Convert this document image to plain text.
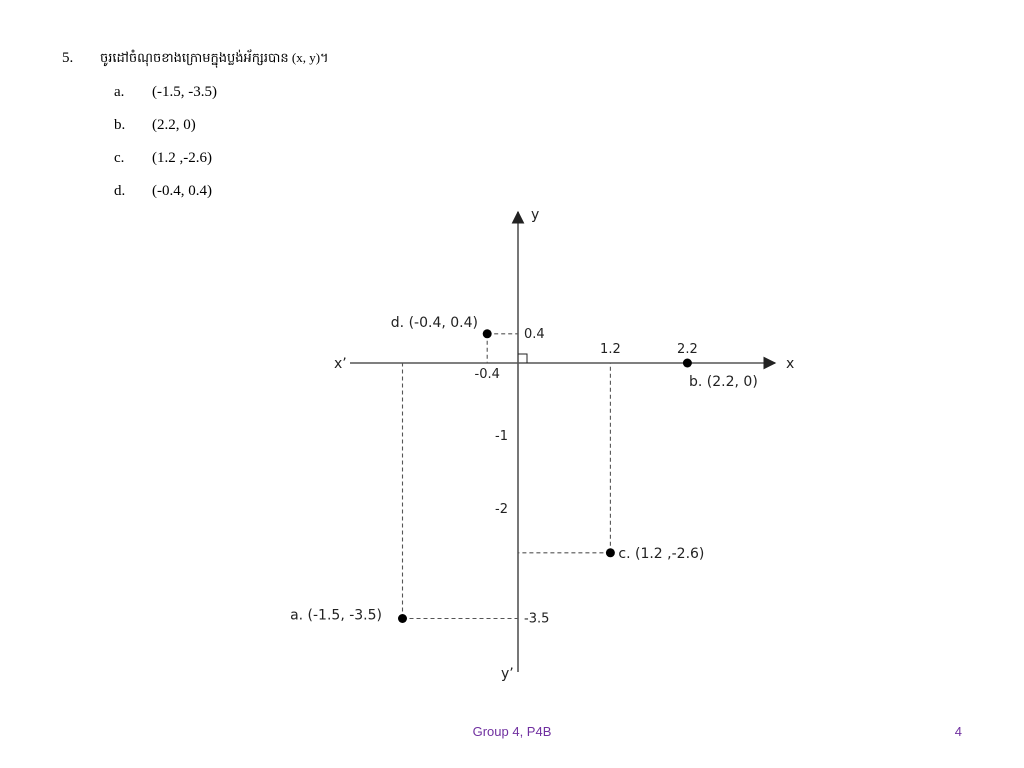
5. ចូរដៅចំណុចខាងក្រោមក្នុងប្លង់អ័ក្សរបាន (x, y)។
a. (-1.5, -3.5)
b. (2.2, 0)
c. (1.2 ,-2.6)
d. (-0.4, 0.4)
x
x’
y
y’
a. (-1.5, -3.5)	-3.5
b. (2.2, 0)
2.2
c. (1.2 ,-2.6)
1.2
d. (-0.4, 0.4)
-0.4
0.4
-1
-2
Group 4, P4B	4
